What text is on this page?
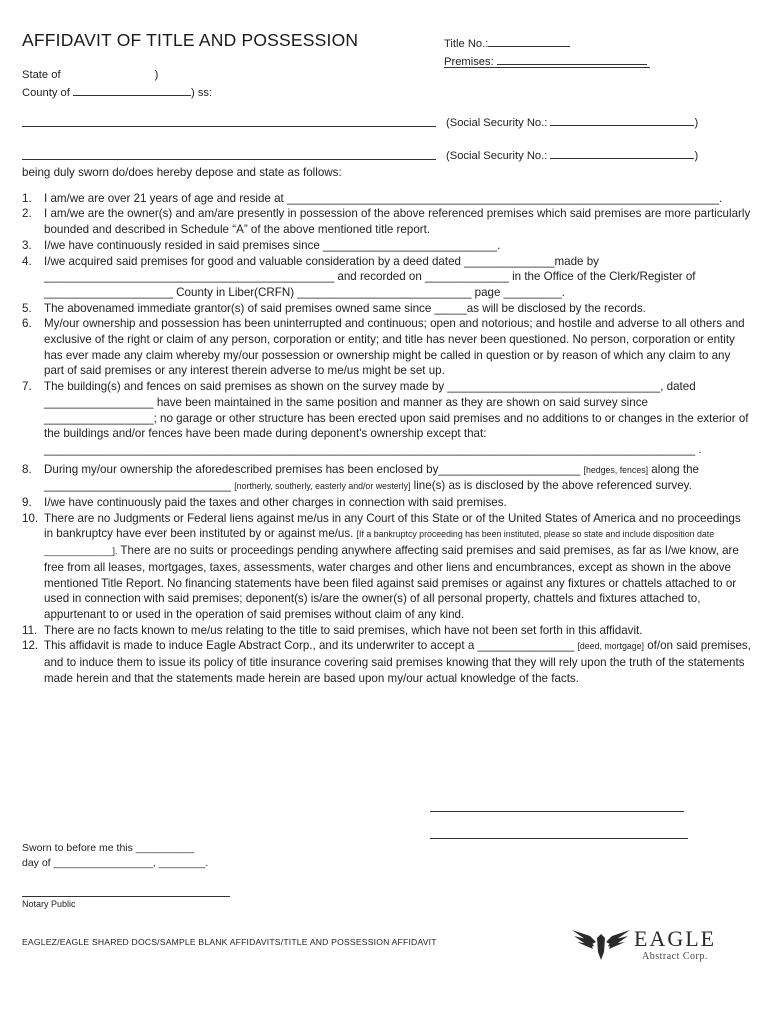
AFFIDAVIT OF TITLE AND POSSESSION	Title No.:
Premises:
State of	)
County of	) ss:
(Social Security No.:	)
(Social Security No.:	)

being duly sworn do/does hereby depose and state as follows:

1.	I am/we are over 21 years of age and reside at ___________________________________________________________________.
2.	I am/we are the owner(s) and am/are presently in possession of the above referenced premises which said premises are more particularly bounded and described in Schedule “A” of the above mentioned title report.
3.	I/we have continuously resided in said premises since ___________________________.
4.	I/we acquired said premises for good and valuable consideration by a deed dated ______________made by _____________________________________________ and recorded on _____________ in the Office of the Clerk/Register of ____________________ County in Liber(CRFN) ___________________________ page _________.
5.	The abovenamed immediate grantor(s) of said premises owned same since _____as will be disclosed by the records.
6.	My/our ownership and possession has been uninterrupted and continuous; open and notorious; and hostile and adverse to all others and exclusive of the right or claim of any person, corporation or entity; and title has never been questioned. No person, corporation or entity has ever made any claim whereby my/our possession or ownership might be called in question or by reason of which any claim to any part of said premises or any interest therein adverse to me/us might be set up.
7.	The building(s) and fences on said premises as shown on the survey made by _________________________________, dated _________________ have been maintained in the same position and manner as they are shown on said survey since _________________; no garage or other structure has been erected upon said premises and no additions to or changes in the exterior of the buildings and/or fences have been made during deponent's ownership except that: _____________________________________________________________________________________________________ .
8.	During my/our ownership the aforedescribed premises has been enclosed by______________________ [hedges, fences] along the _____________________________ [northerly, southerly, easterly and/or westerly] line(s) as is disclosed by the above referenced survey.
9.	I/we have continuously paid the taxes and other charges in connection with said premises.
10. There are no Judgments or Federal liens against me/us in any Court of this State or of the United States of America and no proceedings in bankruptcy have ever been instituted by or against me/us. [If a bankruptcy proceeding has been instituted, please so state and include disposition date ______________]. There are no suits or proceedings pending anywhere affecting said premises and said premises, as far as I/we know, are free from all leases, mortgages, taxes, assessments, water charges and other liens and encumbrances, except as shown in the above mentioned Title Report. No financing statements have been filed against said premises or against any fixtures or chattels attached to or used in connection with said premises; deponent(s) is/are the owner(s) of all personal property, chattels and fixtures attached to, appurtenant to or used in the operation of said premises without claim of any kind.
11. There are no facts known to me/us relating to the title to said premises, which have not been set forth in this affidavit.
12. This affidavit is made to induce Eagle Abstract Corp., and its underwriter to accept a _______________ [deed, mortgage] of/on said premises, and to induce them to issue its policy of title insurance covering said premises knowing that they will rely upon the truth of the statements made herein and that the statements made herein are based upon my/our actual knowledge of the facts.
Sworn to before me this __________
day of _________________, ________.
Notary Public
EAGLEZ/EAGLE SHARED DOCS/SAMPLE BLANK AFFIDAVITS/TITLE AND POSSESSION AFFIDAVIT	EAGLE
Abstract Corp.
